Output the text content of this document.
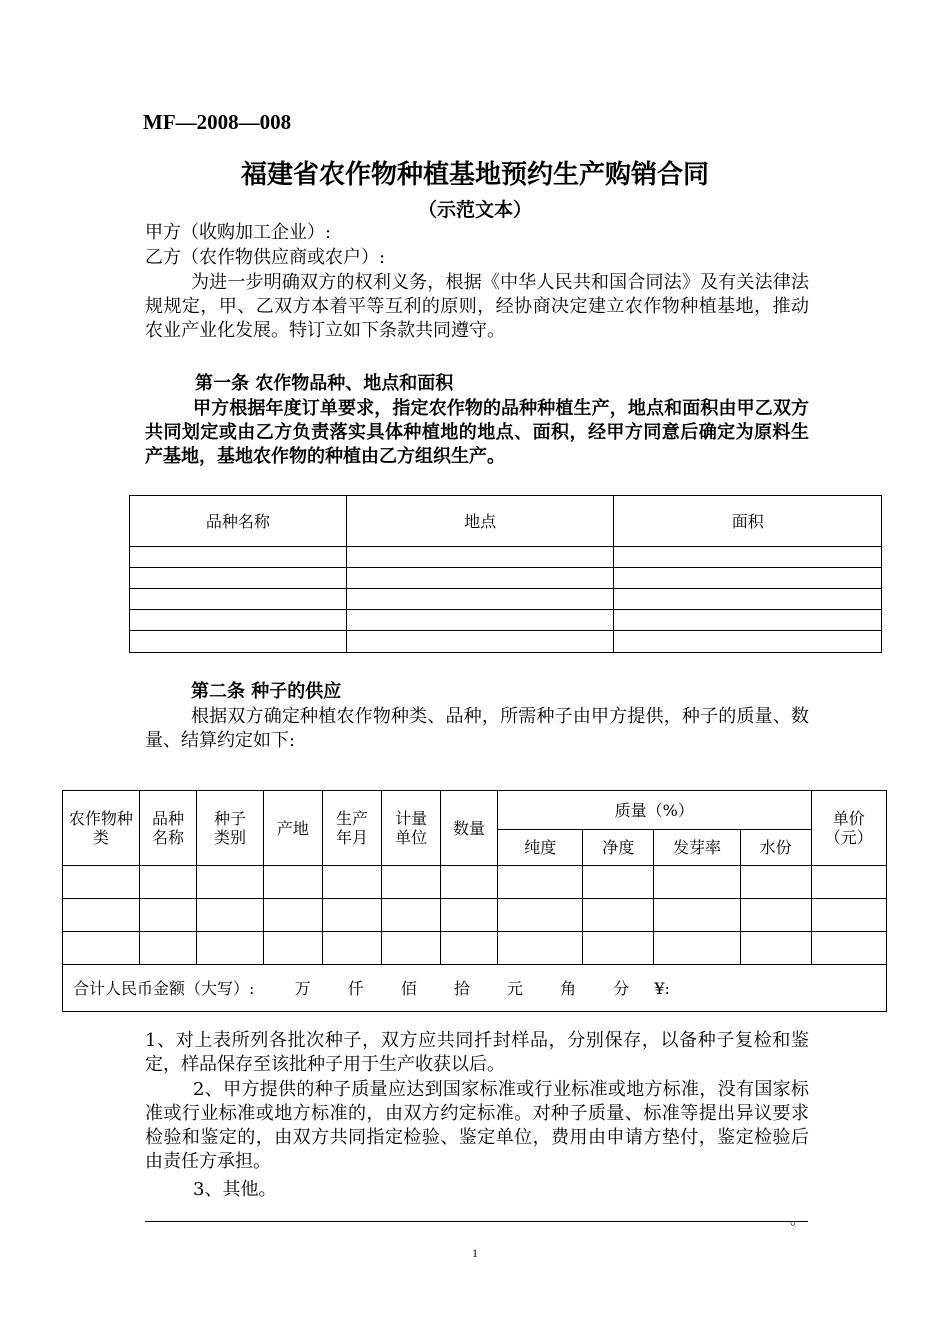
MF—2008—008
福建省农作物种植基地预约生产购销合同
（示范文本）
甲方（收购加工企业）:
乙方（农作物供应商或农户）:
为进一步明确双方的权利义务，根据《中华人民共和国合同法》及有关法律法规规定，甲、乙双方本着平等互利的原则，经协商决定建立农作物种植基地，推动农业产业化发展。特订立如下条款共同遵守。
第一条 农作物品种、地点和面积
甲方根据年度订单要求，指定农作物的品种种植生产，地点和面积由甲乙双方共同划定或由乙方负责落实具体种植地的地点、面积，经甲方同意后确定为原料生产基地，基地农作物的种植由乙方组织生产。
品种名称	地点	面积

第二条 种子的供应
根据双方确定种植农作物种类、品种，所需种子由甲方提供，种子的质量、数量、结算约定如下:
农作物种 类	品种名称	种子类别	产地	生产年月	计量单位	数量	质量（%）				单价（元）

							纯度	净度	发芽率	水份	

合计人民币金额（大写）: 万 仟 佰 拾 元 角 分 ¥:											
1、对上表所列各批次种子，双方应共同扦封样品，分别保存，以备种子复检和鉴定，样品保存至该批种子用于生产收获以后。
2、甲方提供的种子质量应达到国家标准或行业标准或地方标准，没有国家标准或行业标准或地方标准的，由双方约定标准。对种子质量、标准等提出异议要求检验和鉴定的，由双方共同指定检验、鉴定单位，费用由申请方垫付，鉴定检验后由责任方承担。
3、其他。
。
1
